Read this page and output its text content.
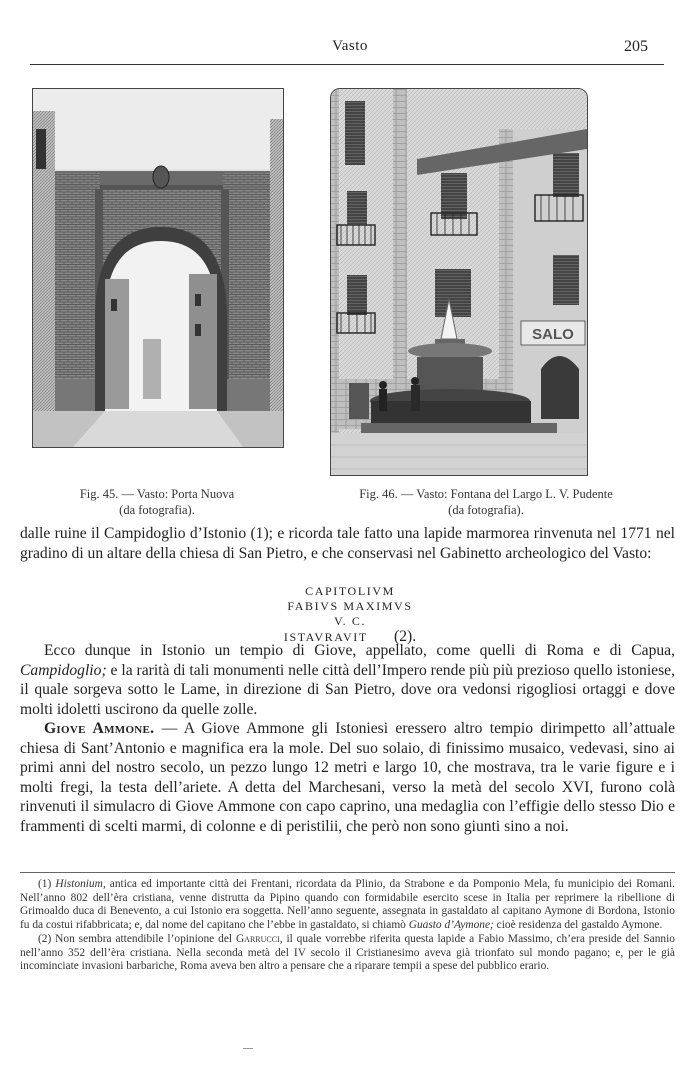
Vasto	205
SALO
Fig. 45. — Vasto: Porta Nuova
(da fotografia).
Fig. 46. — Vasto: Fontana del Largo L. V. Pudente
(da fotografia).
dalle ruine il Campidoglio d’Istonio (1); e ricorda tale fatto una lapide marmorea rinvenuta nel 1771 nel gradino di un altare della chiesa di San Pietro, e che conservasi nel Gabinetto archeologico del Vasto:
CAPITOLIVM
FABIVS MAXIMVS
V. C.
ISTAVRAVIT (2).
Ecco dunque in Istonio un tempio di Giove, appellato, come quelli di Roma e di Capua, Campidoglio; e la rarità di tali monumenti nelle città dell’Impero rende più più prezioso quello istoniese, il quale sorgeva sotto le Lame, in direzione di San Pietro, dove ora vedonsi rigogliosi ortaggi e dove molti idoletti uscirono da quelle zolle.
Giove Ammone. — A Giove Ammone gli Istoniesi eressero altro tempio dirimpetto all’attuale chiesa di Sant’Antonio e magnifica era la mole. Del suo solaio, di finissimo musaico, vedevasi, sino ai primi anni del nostro secolo, un pezzo lungo 12 metri e largo 10, che mostrava, tra le varie figure e i molti fregi, la testa dell’ariete. A detta del Marchesani, verso la metà del secolo XVI, furono colà rinvenuti il simulacro di Giove Ammone con capo caprino, una medaglia con l’effigie dello stesso Dio e frammenti di scelti marmi, di colonne e di peristilii, che però non sono giunti sino a noi.

(1) Histonium, antica ed importante città dei Frentani, ricordata da Plinio, da Strabone e da Pomponio Mela, fu municipio dei Romani. Nell’anno 802 dell’èra cristiana, venne distrutta da Pipino quando con formidabile esercito scese in Italia per reprimere la ribellione di Grimoaldo duca di Benevento, a cui Istonio era soggetta. Nell’anno seguente, assegnata in gastaldato al capitano Aymone di Bordona, Istonio fu da costui rifabbricata; e, dal nome del capitano che l’ebbe in gastaldato, si chiamò Guasto d’Aymone; cioè residenza del gastaldo Aymone.

(2) Non sembra attendibile l’opinione del Garrucci, il quale vorrebbe riferita questa lapide a Fabio Massimo, ch’era preside del Sannio nell’anno 352 dell’èra cristiana. Nella seconda metà del IV secolo il Cristianesimo aveva già trionfato sul mondo pagano; e, per le già incominciate invasioni barbariche, Roma aveva ben altro a pensare che a riparare tempii a spese del pubblico erario.
